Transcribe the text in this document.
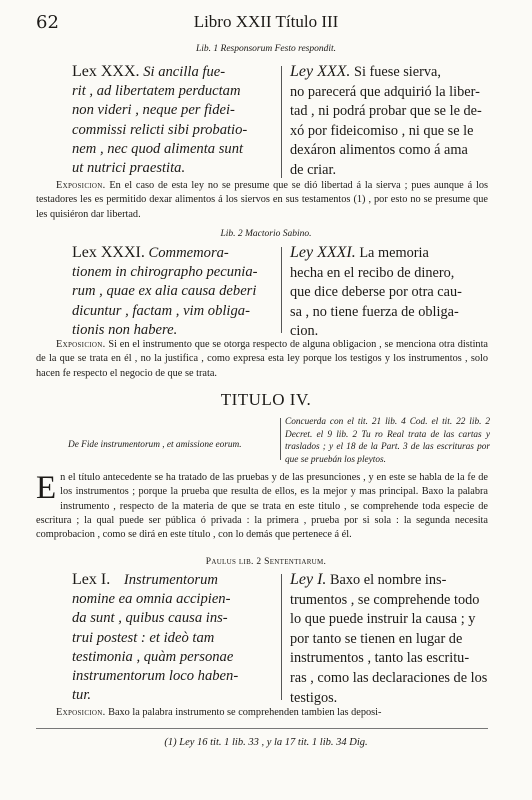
62	Libro XXII Título III
Lib. 1 Responsorum Festo respondit.
Lex XXX. Si ancilla fue-
rit , ad libertatem perductam
non videri , neque per fidei-
commissi relicti sibi probatio-
nem , nec quod alimenta sunt
ut nutrici praestita.
Ley XXX. Si fuese sierva,
no parecerá que adquirió la liber-
tad , ni podrá probar que se le de-
xó por fideicomiso , ni que se le
dexáron alimentos como á ama
de criar.
Exposicion. En el caso de esta ley no se presume que se dió libertad á la sierva ; pues aunque á los testadores les es permitido dexar alimentos á los siervos en sus testamentos (1) , por esto no se presume que les quisiéron dar libertad.
Lib. 2 Mactorio Sabino.
Lex XXXI. Commemora-
tionem in chirographo pecunia-
rum , quae ex alia causa deberi
dicuntur , factam , vim obliga-
tionis non habere.
Ley XXXI. La memoria
hecha en el recibo de dinero,
que dice deberse por otra cau-
sa , no tiene fuerza de obliga-
cion.
Exposicion. Si en el instrumento que se otorga respecto de alguna obligacion , se menciona otra distinta de la que se trata en él , no la justifica , como expresa esta ley porque los testigos y los instrumentos , solo hacen fe respecto el negocio de que se trata.
TITULO IV.
De Fide instrumentorum , et amissione eorum.
Concuerda con el tit. 21 lib. 4 Cod. el tit. 22 lib. 2 Decret. el 9 lib. 2 Tu ro Real trata de las cartas y traslados ; y el 18 de la Part. 3 de las escrituras por que se pruebán los pleytos.
En el título antecedente se ha tratado de las pruebas y de las presunciones , y en este se habla de la fe de los instrumentos ; porque la prueba que resulta de ellos, es la mejor y mas principal. Baxo la palabra instrumento , respecto de la materia de que se trata en este titulo , se comprehende toda especie de escritura ; la qual puede ser pública ó privada : la primera , prueba por si sola : la segunda necesita comprobacion , como se dirá en este título , con lo demás que pertenece á él.
Paulus lib. 2 Sententiarum.
Lex I. Instrumentorum
nomine ea omnia accipien-
da sunt , quibus causa ins-
trui postest : et ideò tam
testimonia , quàm personae
instrumentorum loco haben-
tur.
Ley I. Baxo el nombre ins-
trumentos , se comprehende todo
lo que puede instruir la causa ; y
por tanto se tienen en lugar de
instrumentos , tanto las escritu-
ras , como las declaraciones de los
testigos.
Exposicion. Baxo la palabra instrumento se comprehenden tambien las deposi-
(1) Ley 16 tit. 1 lib. 33 , y la 17 tit. 1 lib. 34 Dig.
